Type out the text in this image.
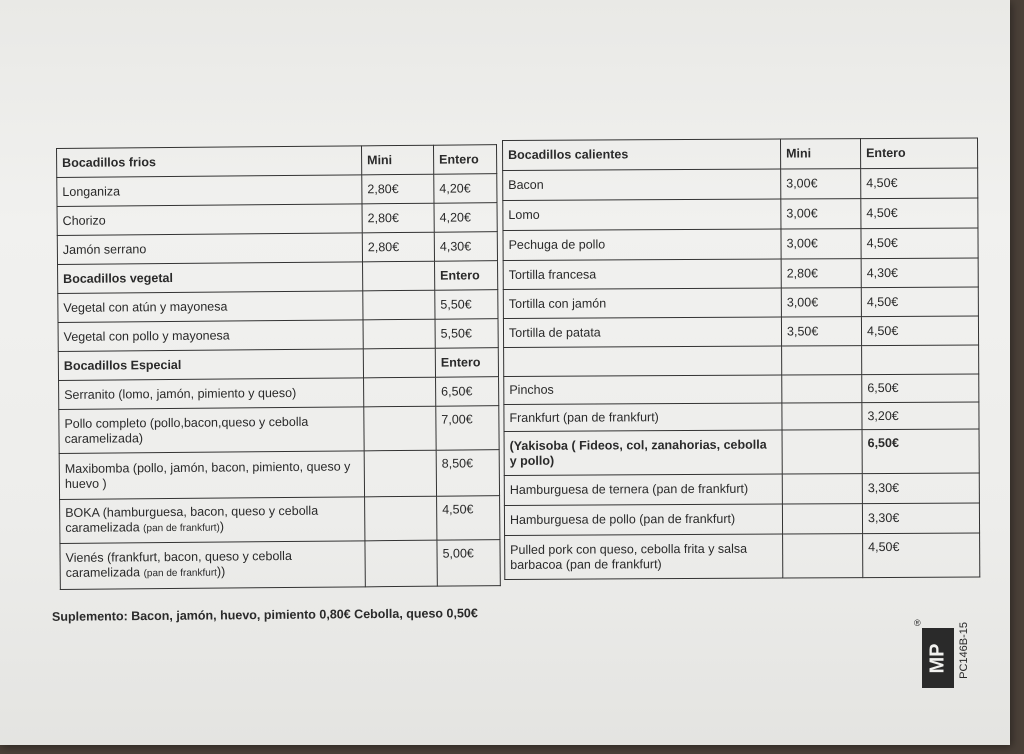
Bocadillos frios	Mini	Entero
Longaniza	2,80€	4,20€
Chorizo	2,80€	4,20€
Jamón serrano	2,80€	4,30€
Bocadillos vegetal		Entero
Vegetal con atún y mayonesa		5,50€
Vegetal con pollo y mayonesa		5,50€
Bocadillos Especial		Entero
Serranito (lomo, jamón, pimiento y queso)		6,50€
Pollo completo (pollo,bacon,queso y cebolla caramelizada)		7,00€
Maxibomba (pollo, jamón, bacon, pimiento, queso y huevo )		8,50€
BOKA (hamburguesa, bacon, queso y cebolla caramelizada (pan de frankfurt))		4,50€
Vienés (frankfurt, bacon, queso y cebolla caramelizada (pan de frankfurt))		5,00€
Bocadillos calientes	Mini	Entero
Bacon	3,00€	4,50€
Lomo	3,00€	4,50€
Pechuga de pollo	3,00€	4,50€
Tortilla francesa	2,80€	4,30€
Tortilla con jamón	3,00€	4,50€
Tortilla de patata	3,50€	4,50€

Pinchos		6,50€
Frankfurt (pan de frankfurt)		3,20€
(Yakisoba ( Fideos, col, zanahorias, cebolla y pollo)		6,50€
Hamburguesa de ternera (pan de frankfurt)		3,30€
Hamburguesa de pollo (pan de frankfurt)		3,30€
Pulled pork con queso, cebolla frita y salsa barbacoa (pan de frankfurt)		4,50€
Suplemento: Bacon, jamón, huevo, pimiento 0,80€ Cebolla, queso 0,50€	®
MP PC146B-15
